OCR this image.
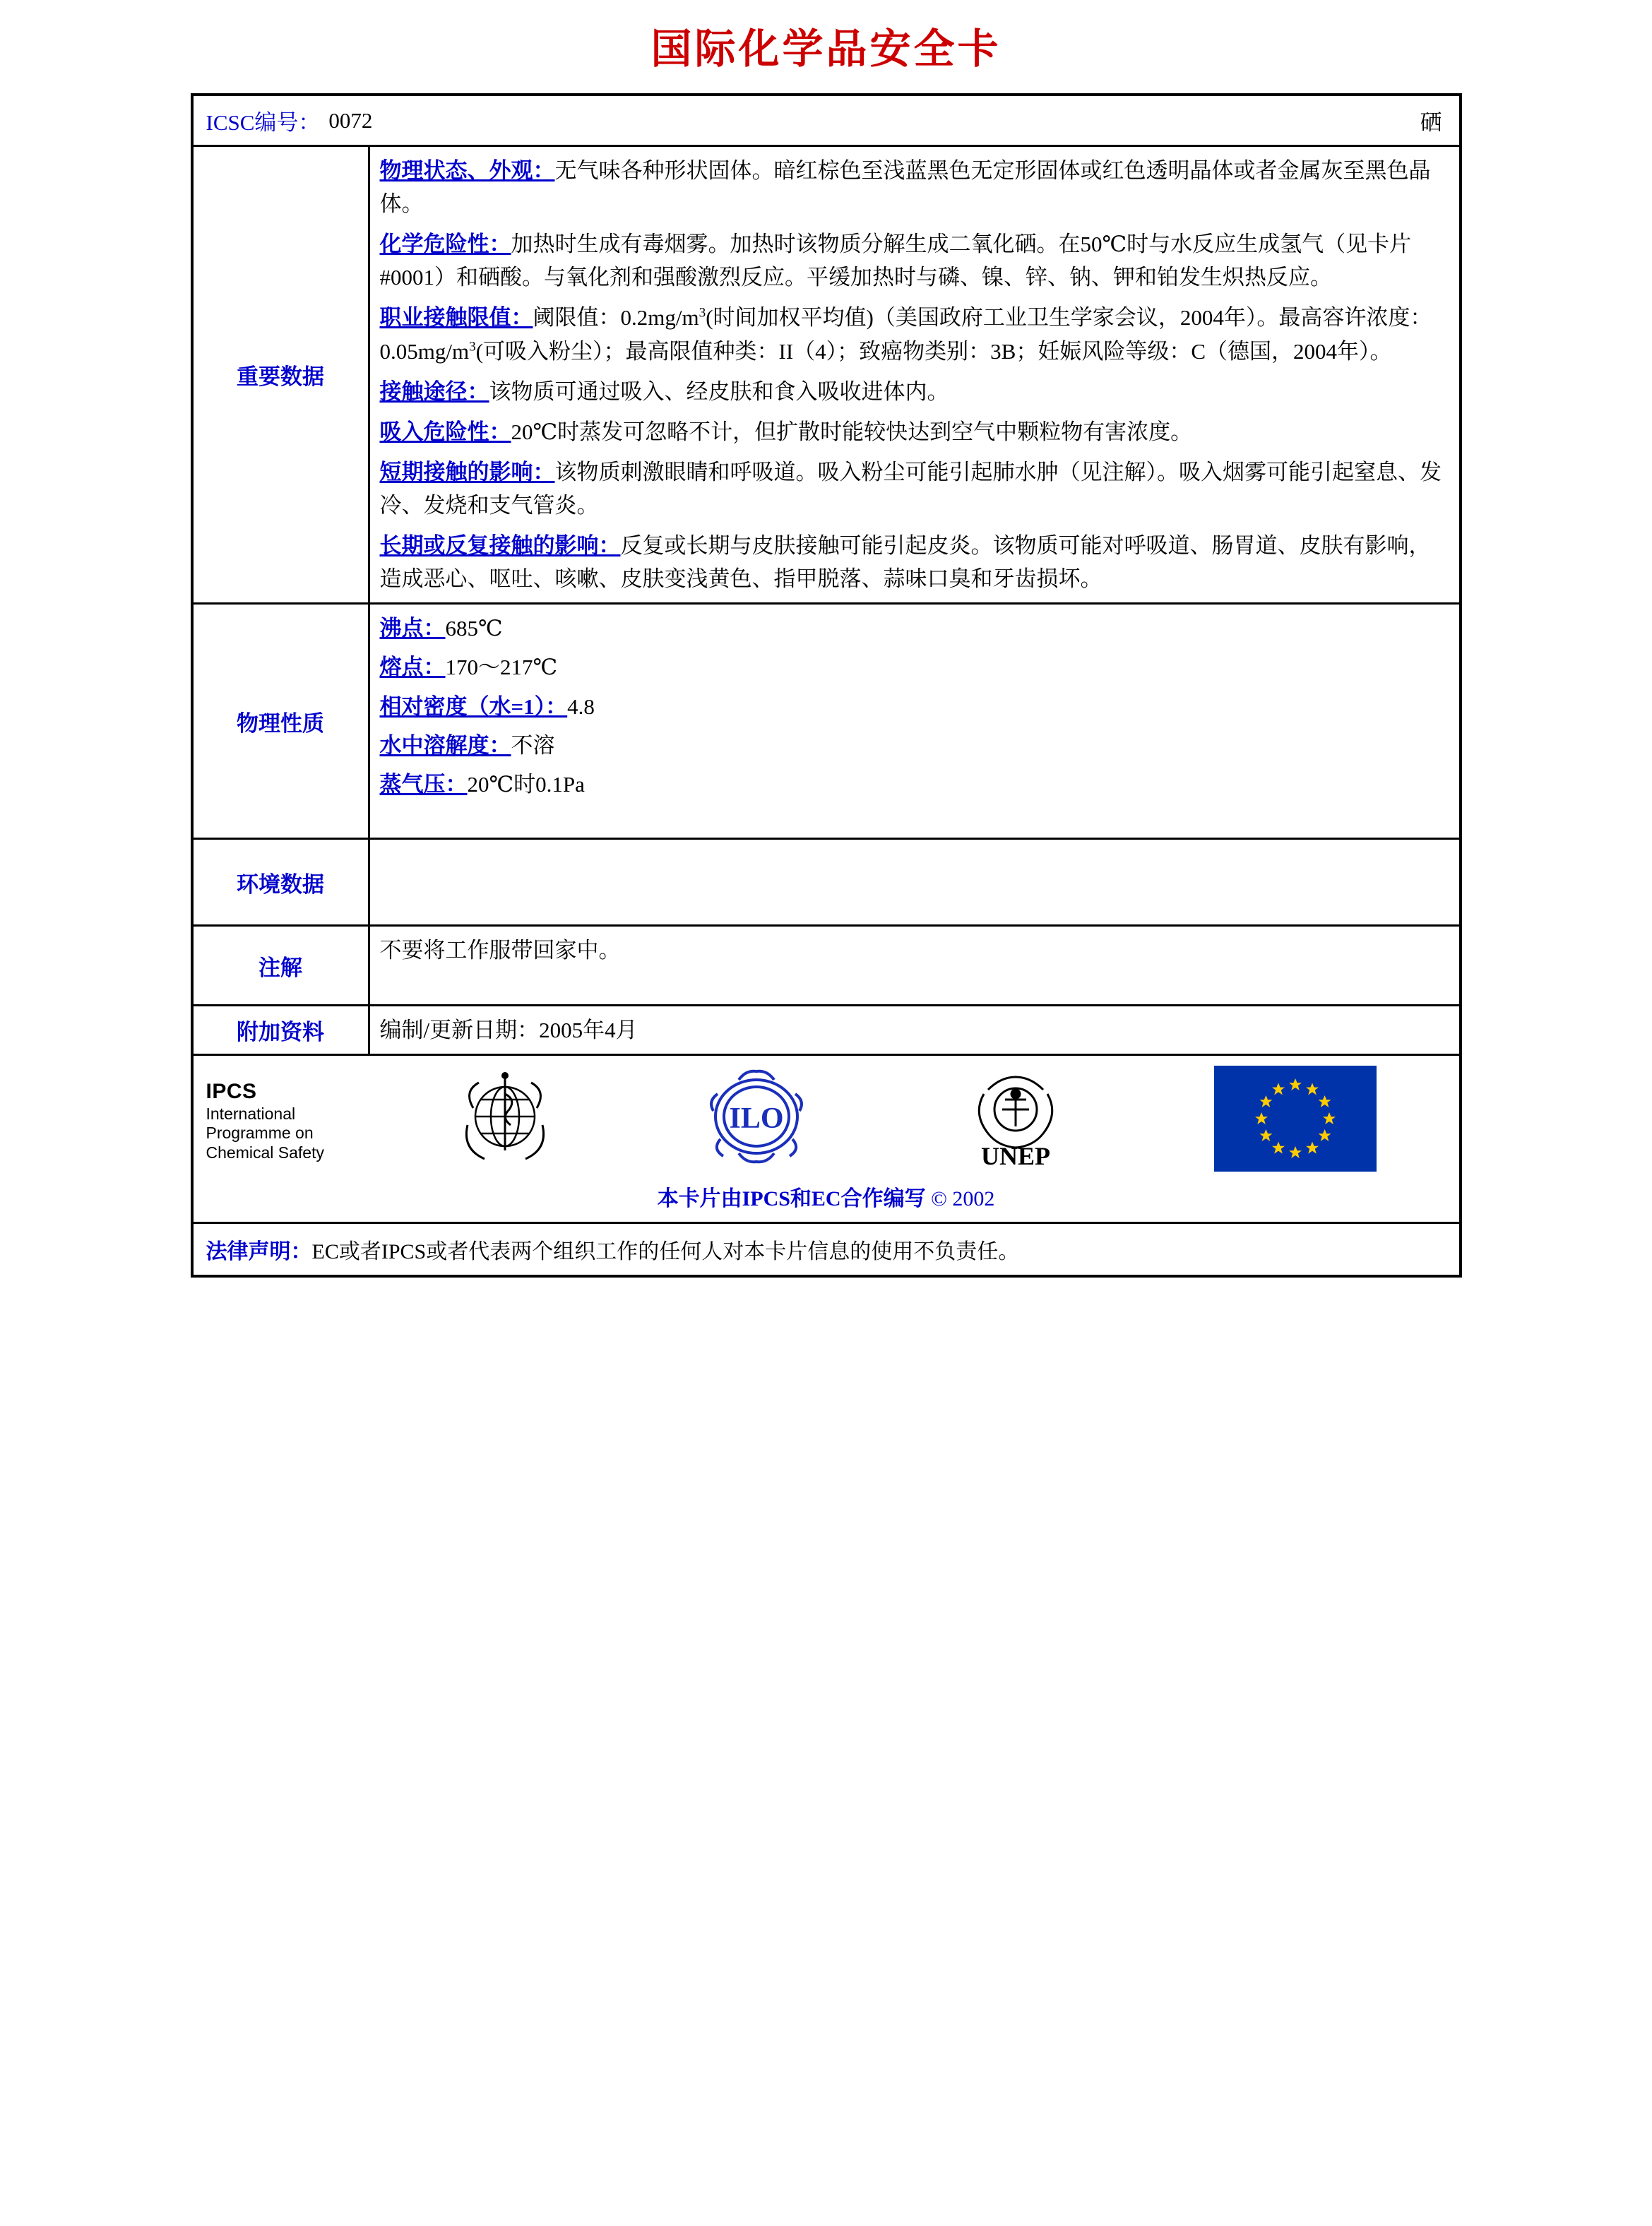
国际化学品安全卡
ICSC编号： 0072	硒
重要数据

物理状态、外观：无气味各种形状固体。暗红棕色至浅蓝黑色无定形固体或红色透明晶体或者金属灰至黑色晶体。

化学危险性：加热时生成有毒烟雾。加热时该物质分解生成二氧化硒。在50℃时与水反应生成氢气（见卡片#0001）和硒酸。与氧化剂和强酸激烈反应。平缓加热时与磷、镍、锌、钠、钾和铂发生炽热反应。

职业接触限值：阈限值：$0.2mg/m^3$(时间加权平均值)（美国政府工业卫生学家会议，2004年）。最高容许浓度：$0.05mg/m^3$(可吸入粉尘）；最高限值种类：II（4）；致癌物类别：3B；妊娠风险等级：C（德国，2004年）。

接触途径：该物质可通过吸入、经皮肤和食入吸收进体内。

吸入危险性：20℃时蒸发可忽略不计，但扩散时能较快达到空气中颗粒物有害浓度。

短期接触的影响：该物质刺激眼睛和呼吸道。吸入粉尘可能引起肺水肿（见注解）。吸入烟雾可能引起窒息、发冷、发烧和支气管炎。

长期或反复接触的影响：反复或长期与皮肤接触可能引起皮炎。该物质可能对呼吸道、肠胃道、皮肤有影响，造成恶心、呕吐、咳嗽、皮肤变浅黄色、指甲脱落、蒜味口臭和牙齿损坏。

物理性质

沸点：685℃

熔点：170～217℃

相对密度（水=1）：4.8

水中溶解度：不溶

蒸气压：20℃时0.1Pa

环境数据
注解
不要将工作服带回家中。
附加资料	编制/更新日期：2005年4月
IPCS
International
Programme on
Chemical Safety
ILO
UNEP
本卡片由IPCS和EC合作编写 © 2002
法律声明：EC或者IPCS或者代表两个组织工作的任何人对本卡片信息的使用不负责任。
